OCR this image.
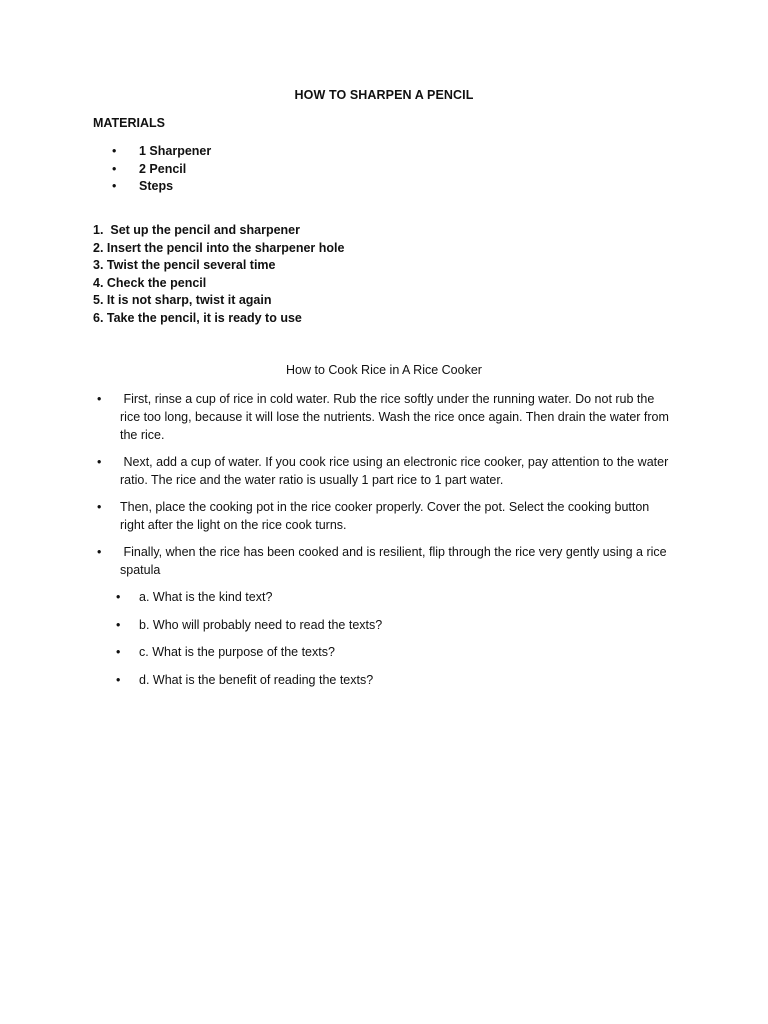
HOW TO SHARPEN A PENCIL
MATERIALS
• 1 Sharpener
• 2 Pencil
• Steps
1.  Set up the pencil and sharpener
2. Insert the pencil into the sharpener hole
3. Twist the pencil several time
4. Check the pencil
5. It is not sharp, twist it again
6. Take the pencil, it is ready to use
How to Cook Rice in A Rice Cooker
• First, rinse a cup of rice in cold water. Rub the rice softly under the running water. Do not rub the rice too long, because it will lose the nutrients. Wash the rice once again. Then drain the water from the rice.
• Next, add a cup of water. If you cook rice using an electronic rice cooker, pay attention to the water ratio. The rice and the water ratio is usually 1 part rice to 1 part water.
• Then, place the cooking pot in the rice cooker properly. Cover the pot. Select the cooking button right after the light on the rice cook turns.
• Finally, when the rice has been cooked and is resilient, flip through the rice very gently using a rice spatula
• a. What is the kind text?
• b. Who will probably need to read the texts?
• c. What is the purpose of the texts?
• d. What is the benefit of reading the texts?
